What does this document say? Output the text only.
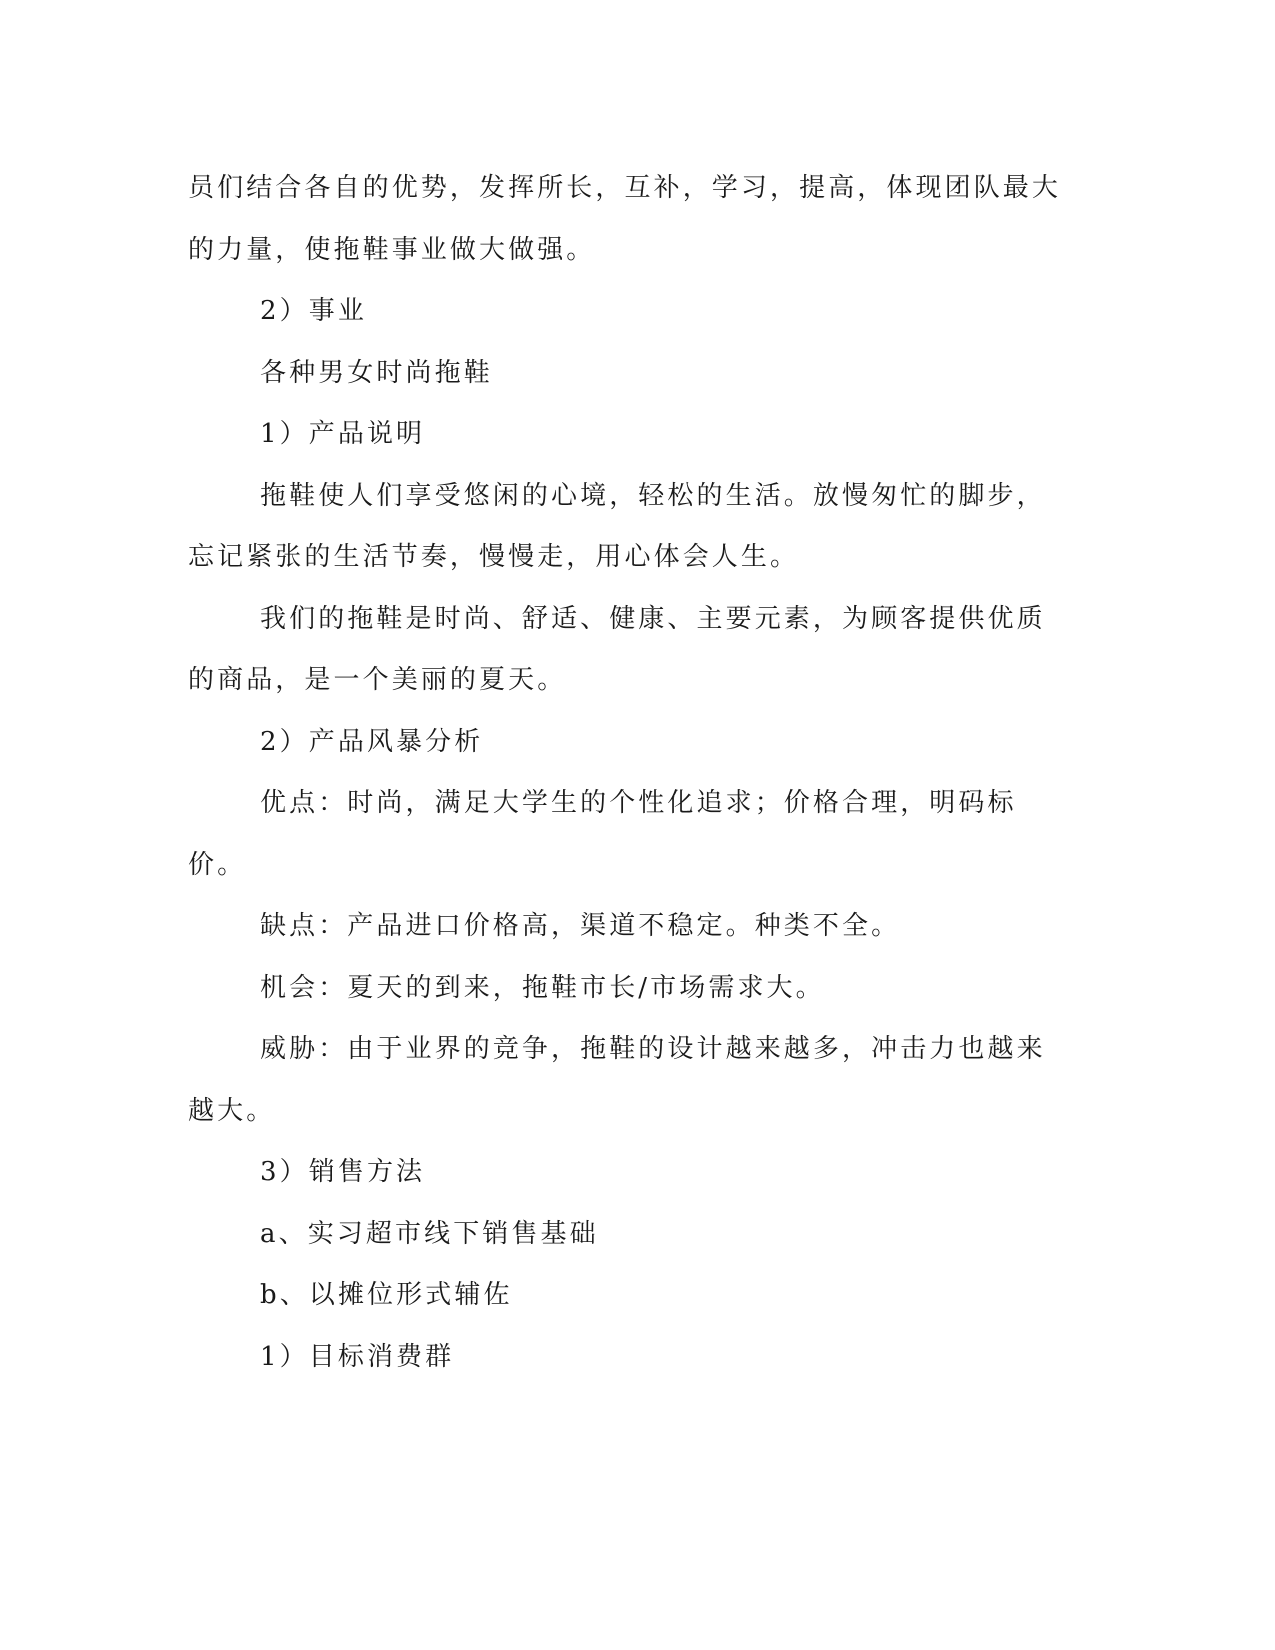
员们结合各自的优势，发挥所长，互补，学习，提高，体现团队最大的力量，使拖鞋事业做大做强。

2）事业

各种男女时尚拖鞋

1）产品说明

拖鞋使人们享受悠闲的心境，轻松的生活。放慢匆忙的脚步，忘记紧张的生活节奏，慢慢走，用心体会人生。

我们的拖鞋是时尚、舒适、健康、主要元素，为顾客提供优质的商品，是一个美丽的夏天。

2）产品风暴分析

优点：时尚，满足大学生的个性化追求；价格合理，明码标价。

缺点：产品进口价格高，渠道不稳定。种类不全。

机会：夏天的到来，拖鞋市长/市场需求大。

威胁：由于业界的竞争，拖鞋的设计越来越多，冲击力也越来越大。

3）销售方法

a、实习超市线下销售基础

b、以摊位形式辅佐

1）目标消费群
